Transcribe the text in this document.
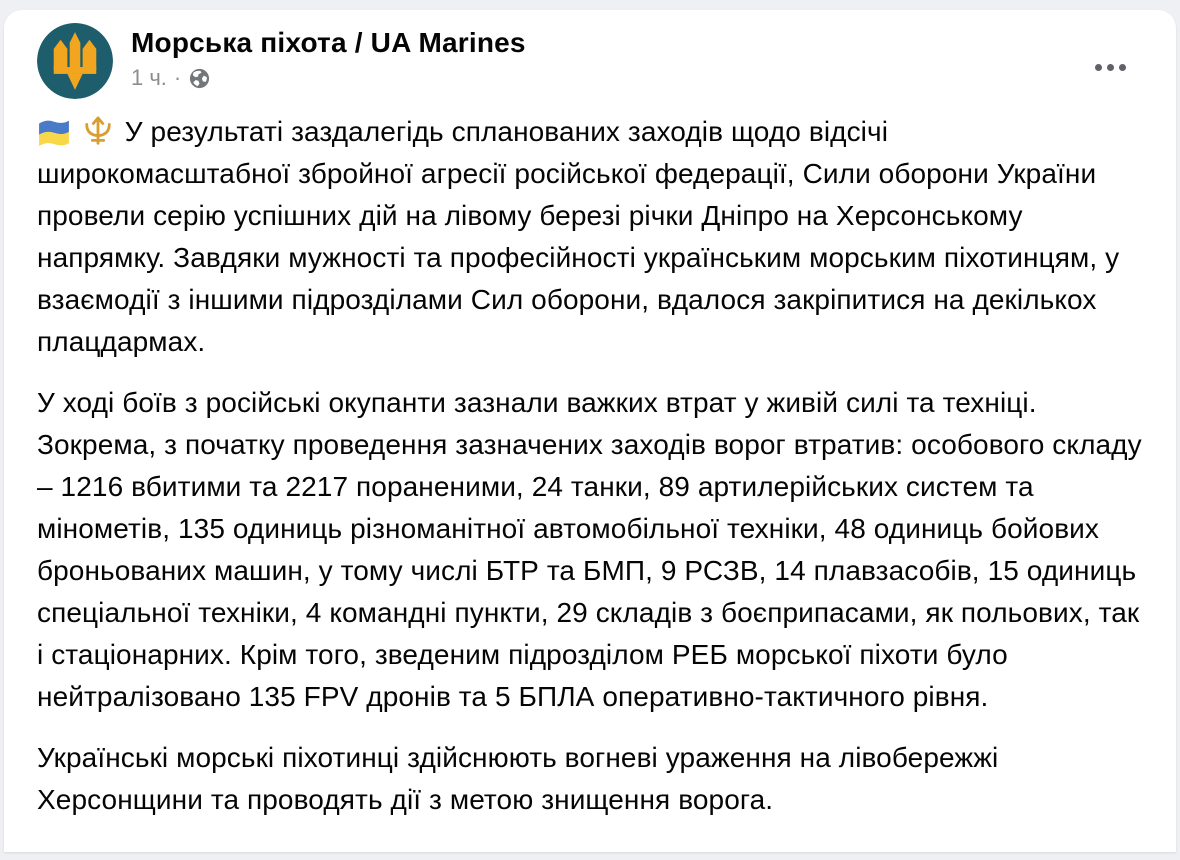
Морська піхота / UA Marines
1 ч. ·

У результаті заздалегідь спланованих заходів щодо відсічі широкомасштабної збройної агресії російської федерації, Сили оборони України провели серію успішних дій на лівому березі річки Дніпро на Херсонському напрямку. Завдяки мужності та професійності українським морським піхотинцям, у взаємодії з іншими підрозділами Сил оборони, вдалося закріпитися на декількох плацдармах.
У ході боїв з російські окупанти зазнали важких втрат у живій силі та техніці. Зокрема, з початку проведення зазначених заходів ворог втратив: особового складу – 1216 вбитими та 2217 пораненими, 24 танки, 89 артилерійських систем та мінометів, 135 одиниць різноманітної автомобільної техніки, 48 одиниць бойових броньованих машин, у тому числі БТР та БМП, 9 РСЗВ, 14 плавзасобів, 15 одиниць спеціальної техніки, 4 командні пункти, 29 складів з боєприпасами, як польових, так і стаціонарних. Крім того, зведеним підрозділом РЕБ морської піхоти було нейтралізовано 135 FPV дронів та 5 БПЛА оперативно-тактичного рівня.
Українські морські піхотинці здійснюють вогневі ураження на лівобережжі Херсонщини та проводять дії з метою знищення ворога.
